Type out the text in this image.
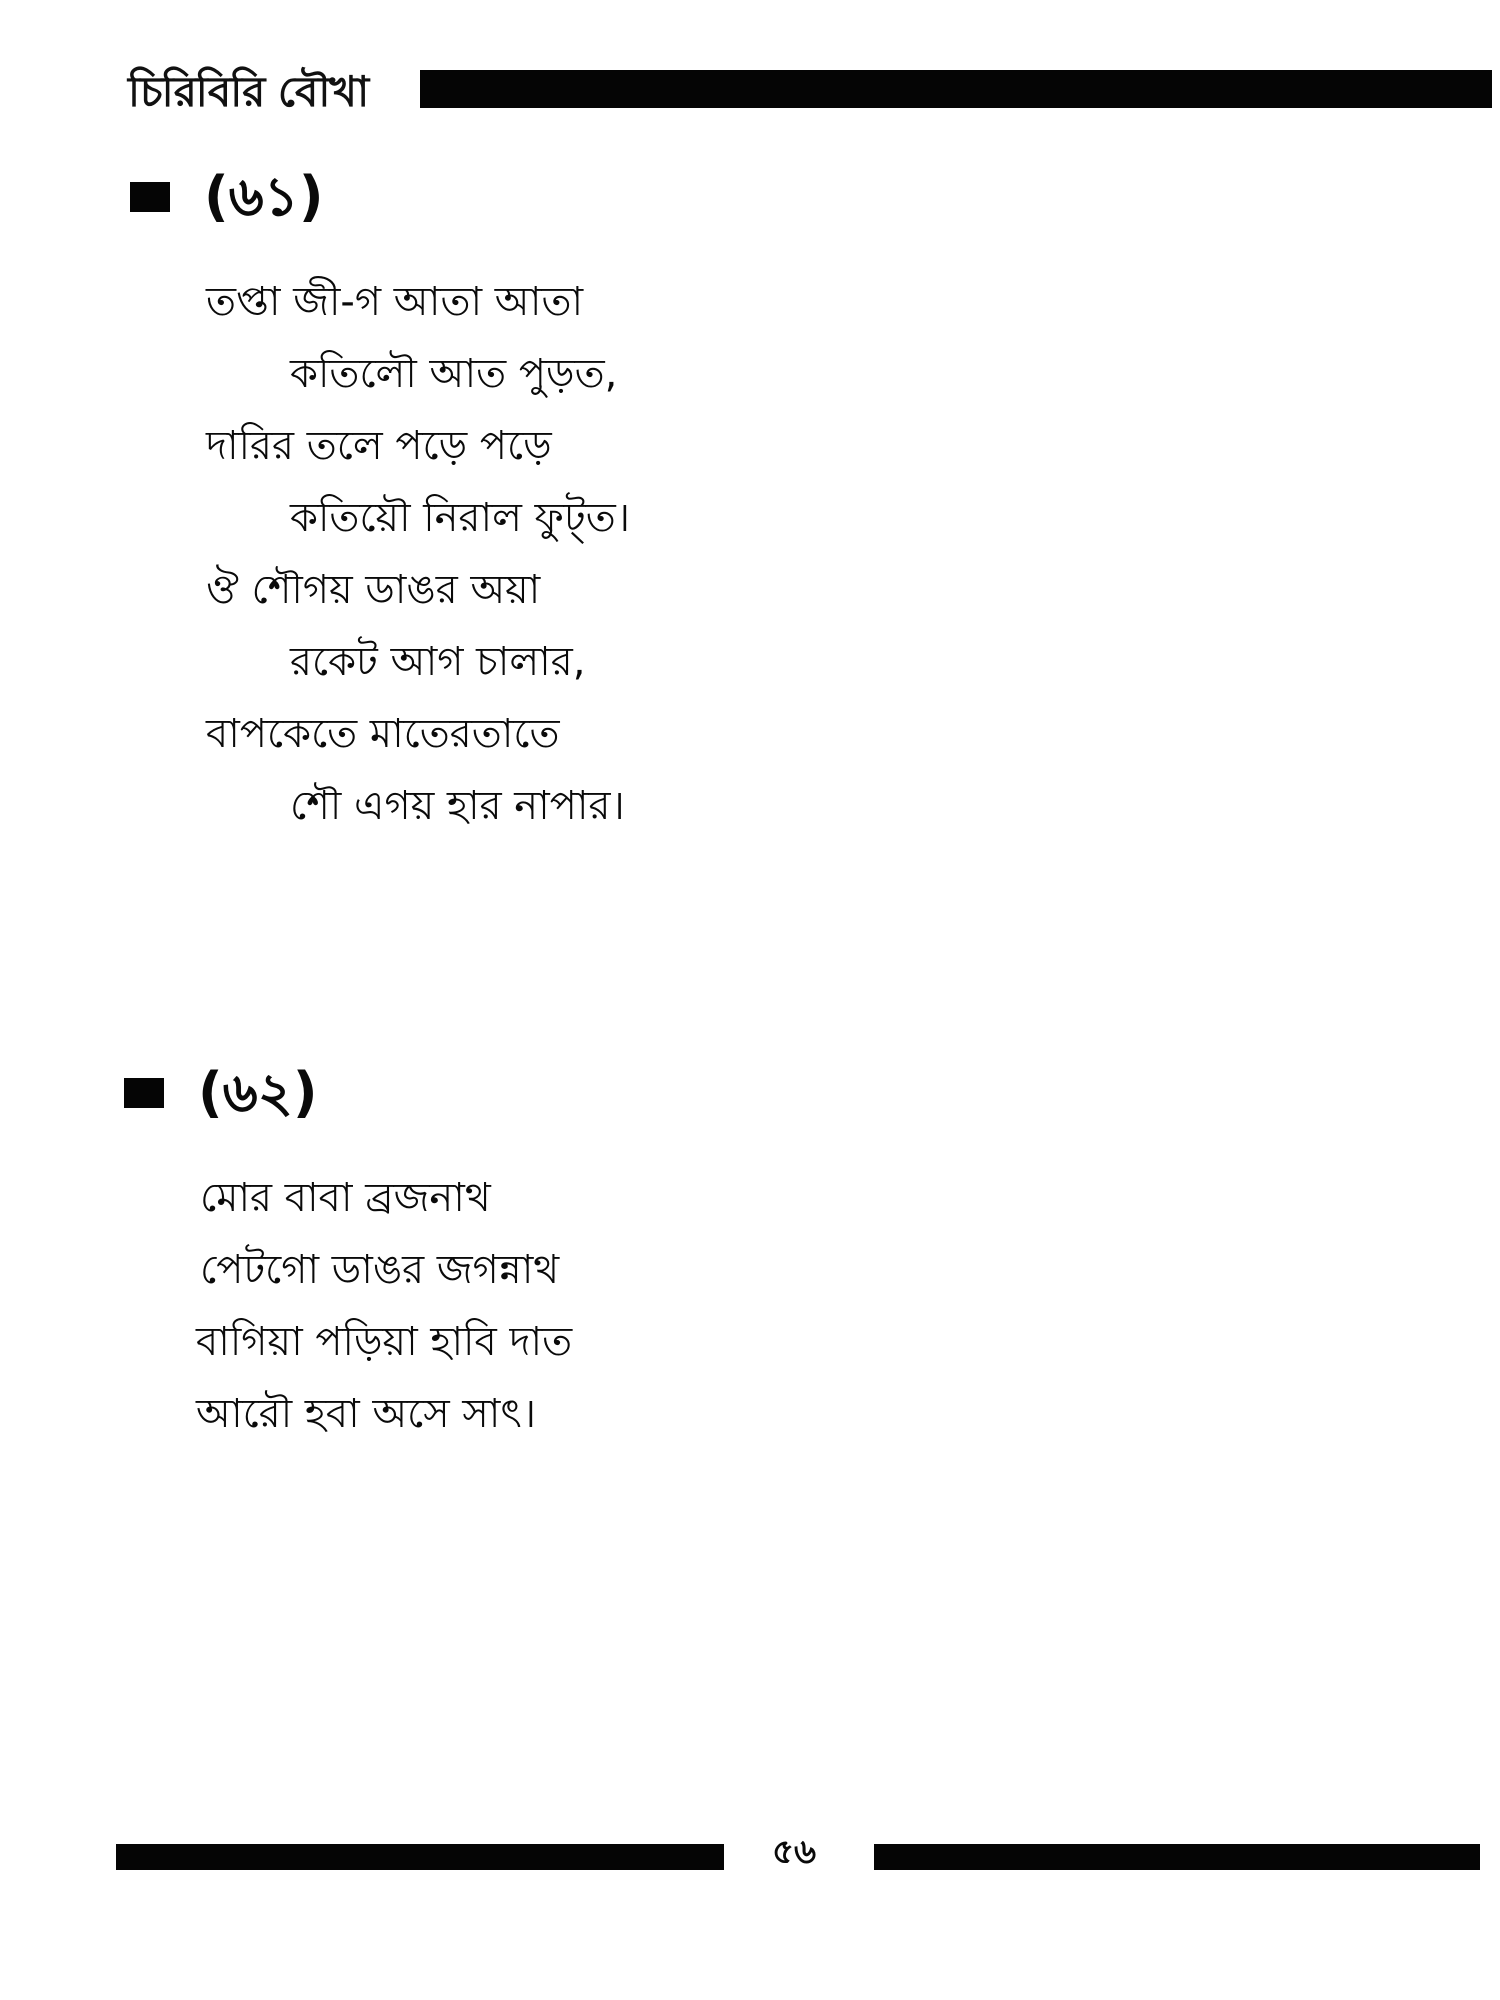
চিরিবিরি বৌখা
(৬১)
তপ্তা জী-গ আতা আতা
কতিলৌ আত পুড়ত,
দারির তলে পড়ে পড়ে
কতিয়ৌ নিরাল ফুট্‌ত।
ঔ শৌগয় ডাঙর অয়া
রকেট আগ চালার,
বাপকেতে মাতেরতাতে
শৌ এগয় হার নাপার।
(৬২)
মোর বাবা ব্রজনাথ
পেটগো ডাঙর জগন্নাথ
বাগিয়া পড়িয়া হাবি দাত
আরৌ হবা অসে সাৎ।
৫৬
